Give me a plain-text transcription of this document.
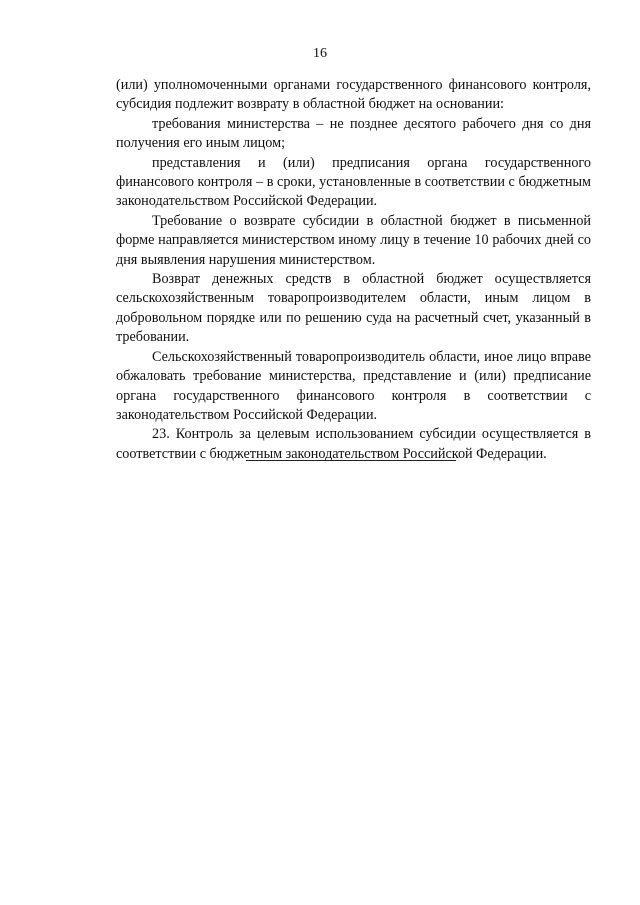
16

(или) уполномоченными органами государственного финансового контроля, субсидия подлежит возврату в областной бюджет на основании:

требования министерства – не позднее десятого рабочего дня со дня получения его иным лицом;

представления и (или) предписания органа государственного финансового контроля – в сроки, установленные в соответствии с бюджетным законодательством Российской Федерации.

Требование о возврате субсидии в областной бюджет в письменной форме направляется министерством иному лицу в течение 10 рабочих дней со дня выявления нарушения министерством.

Возврат денежных средств в областной бюджет осуществляется сельскохозяйственным товаропроизводителем области, иным лицом в добровольном порядке или по решению суда на расчетный счет, указанный в требовании.

Сельскохозяйственный товаропроизводитель области, иное лицо вправе обжаловать требование министерства, представление и (или) предписание органа государственного финансового контроля в соответствии с законодательством Российской Федерации.

23. Контроль за целевым использованием субсидии осуществляется в соответствии с бюджетным законодательством Российской Федерации.
